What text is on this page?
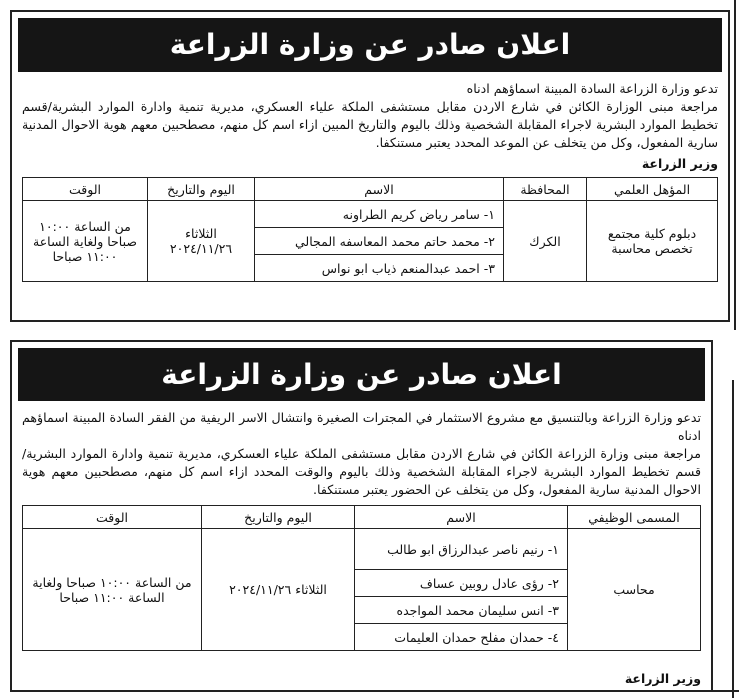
اعلان صادر عن وزارة الزراعة

تدعو وزارة الزراعة السادة المبينة اسماؤهم ادناه

مراجعة مبنى الوزارة الكائن في شارع الاردن مقابل مستشفى الملكة علياء العسكري، مديرية تنمية وادارة الموارد البشرية/قسم تخطيط الموارد البشرية لاجراء المقابلة الشخصية وذلك باليوم والتاريخ المبين ازاء اسم كل منهم، مصطحبين معهم هوية الاحوال المدنية سارية المفعول، وكل من يتخلف عن الموعد المحدد يعتبر مستنكفا.

وزير الزراعة
المؤهل العلمي	المحافظة	الاسم	اليوم والتاريخ	الوقت
دبلوم كلية مجتمع تخصص محاسبة	الكرك	١- سامر رياض كريم الطراونه	الثلاثاء ٢٠٢٤/١١/٢٦	من الساعة ١٠:٠٠ صباحا ولغاية الساعة ١١:٠٠ صباحا
		٢- محمد حاتم محمد المعاسفه المجالي		
		٣- احمد عبدالمنعم ذياب ابو نواس		
اعلان صادر عن وزارة الزراعة

تدعو وزارة الزراعة وبالتنسيق مع مشروع الاستثمار في المجترات الصغيرة وانتشال الاسر الريفية من الفقر السادة المبينة اسماؤهم ادناه

مراجعة مبنى وزارة الزراعة الكائن في شارع الاردن مقابل مستشفى الملكة علياء العسكري، مديرية تنمية وادارة الموارد البشرية/قسم تخطيط الموارد البشرية لاجراء المقابلة الشخصية وذلك باليوم والوقت المحدد ازاء اسم كل منهم، مصطحبين معهم هوية الاحوال المدنية سارية المفعول، وكل من يتخلف عن الحضور يعتبر مستنكفا.

المسمى الوظيفي	الاسم	اليوم والتاريخ	الوقت
محاسب	١- رنيم ناصر عبدالرزاق ابو طالب	الثلاثاء ٢٠٢٤/١١/٢٦	من الساعة ١٠:٠٠ صباحا ولغاية الساعة ١١:٠٠ صباحا
	٢- رؤى عادل روبين عساف		
	٣- انس سليمان محمد المواجده		
	٤- حمدان مفلح حمدان العليمات		
وزير الزراعة
